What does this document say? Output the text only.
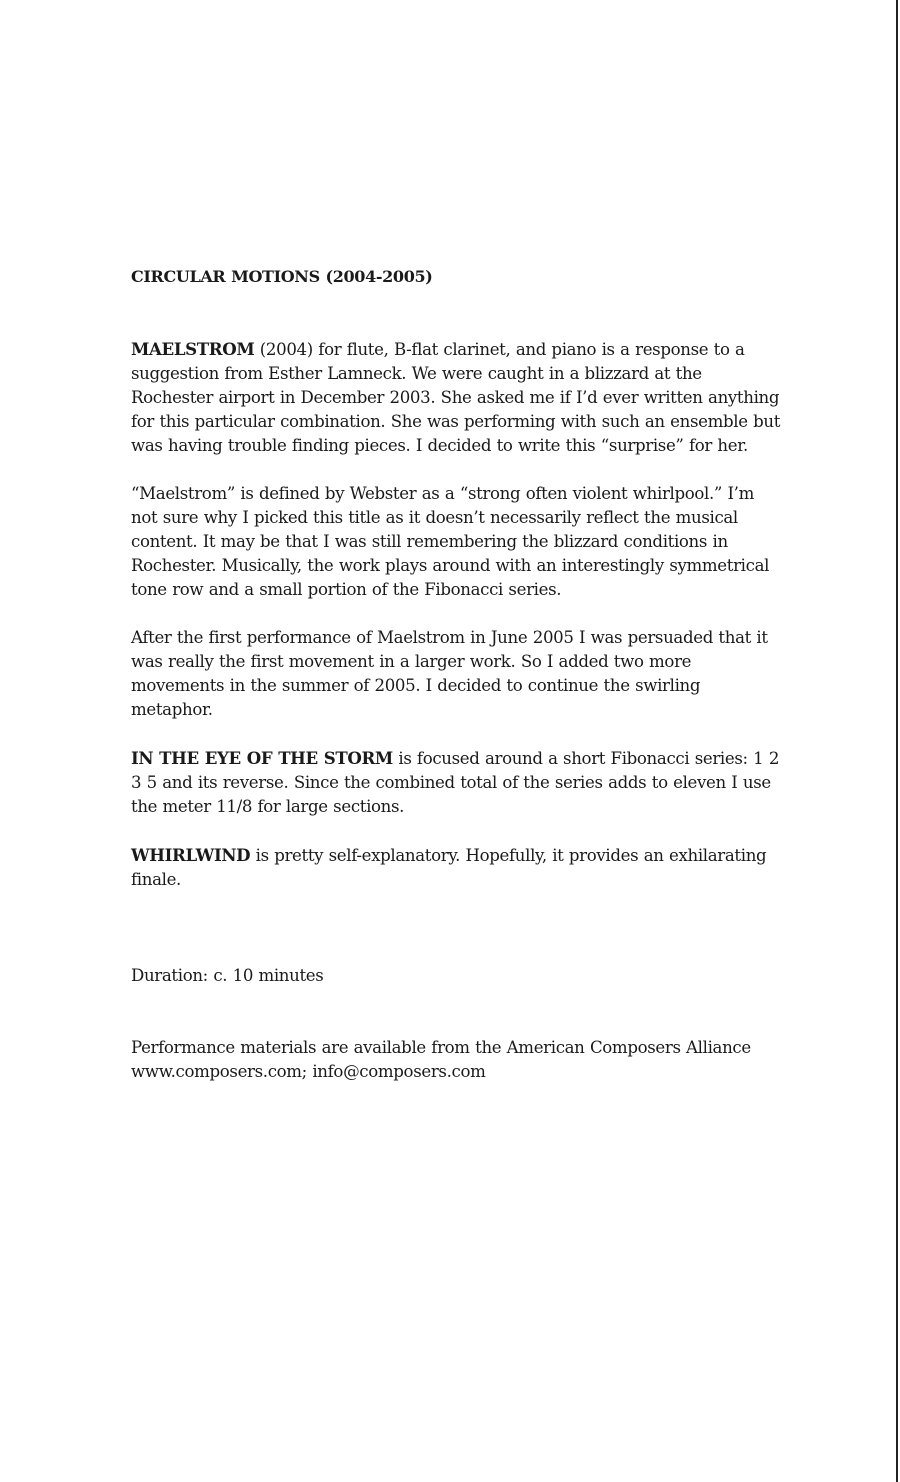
CIRCULAR MOTIONS (2004-2005)

MAELSTROM (2004) for flute, B-flat clarinet, and piano is a response to a suggestion from Esther Lamneck. We were caught in a blizzard at the Rochester airport in December 2003. She asked me if I’d ever written anything for this particular combination. She was performing with such an ensemble but was having trouble finding pieces. I decided to write this “surprise” for her.

“Maelstrom” is defined by Webster as a “strong often violent whirlpool.” I’m not sure why I picked this title as it doesn’t necessarily reflect the musical content. It may be that I was still remembering the blizzard conditions in Rochester. Musically, the work plays around with an interestingly symmetrical tone row and a small portion of the Fibonacci series.

After the first performance of Maelstrom in June 2005 I was persuaded that it was really the first movement in a larger work. So I added two more movements in the summer of 2005. I decided to continue the swirling metaphor.

IN THE EYE OF THE STORM is focused around a short Fibonacci series: 1 2 3 5 and its reverse. Since the combined total of the series adds to eleven I use the meter 11/8 for large sections.

WHIRLWIND is pretty self-explanatory. Hopefully, it provides an exhilarating finale.

Duration: c. 10 minutes

Performance materials are available from the American Composers Alliance
www.composers.com; info@composers.com
